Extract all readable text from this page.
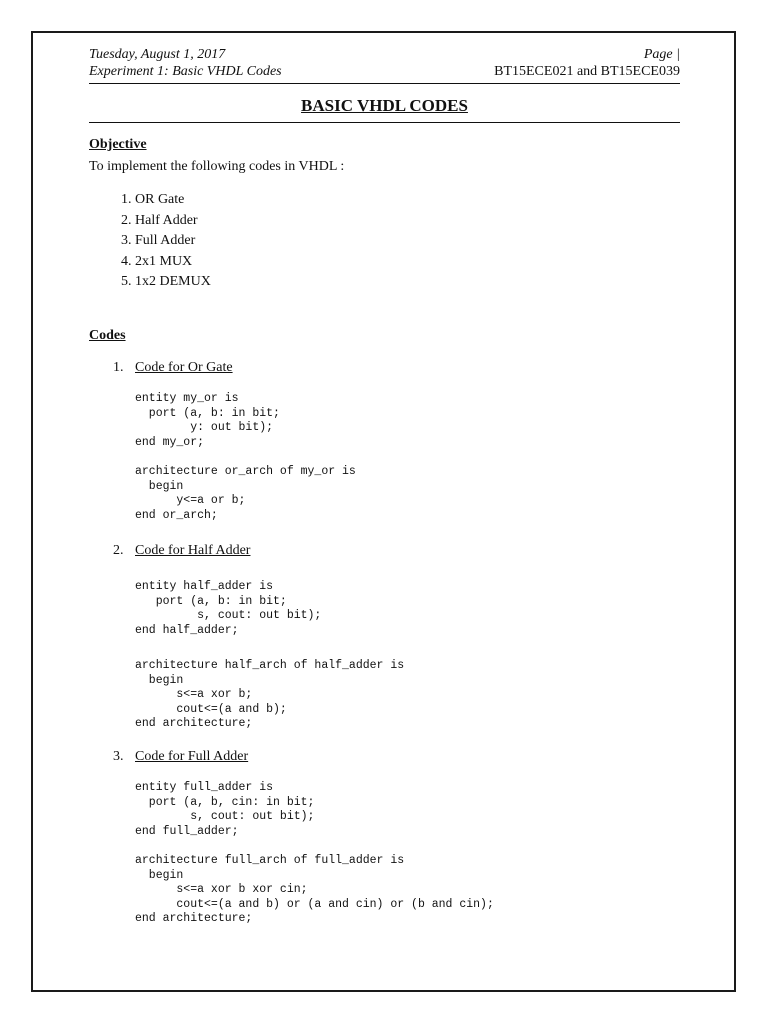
Tuesday, August 1, 2017
Experiment 1: Basic VHDL Codes
Page |
BT15ECE021 and BT15ECE039
BASIC VHDL CODES
Objective
To implement the following codes in VHDL :
1. OR Gate
2. Half Adder
3. Full Adder
4. 2x1 MUX
5. 1x2 DEMUX
Codes
1. Code for Or Gate
entity my_or is
port (a, b: in bit;
y: out bit);
end my_or;
architecture or_arch of my_or is
begin
y<=a or b;
end or_arch;
2. Code for Half Adder
entity half_adder is
port (a, b: in bit;
s, cout: out bit);
end half_adder;
architecture half_arch of half_adder is
begin
s<=a xor b;
cout<=(a and b);
end architecture;
3. Code for Full Adder
entity full_adder is
port (a, b, cin: in bit;
s, cout: out bit);
end full_adder;
architecture full_arch of full_adder is
begin
s<=a xor b xor cin;
cout<=(a and b) or (a and cin) or (b and cin);
end architecture;
